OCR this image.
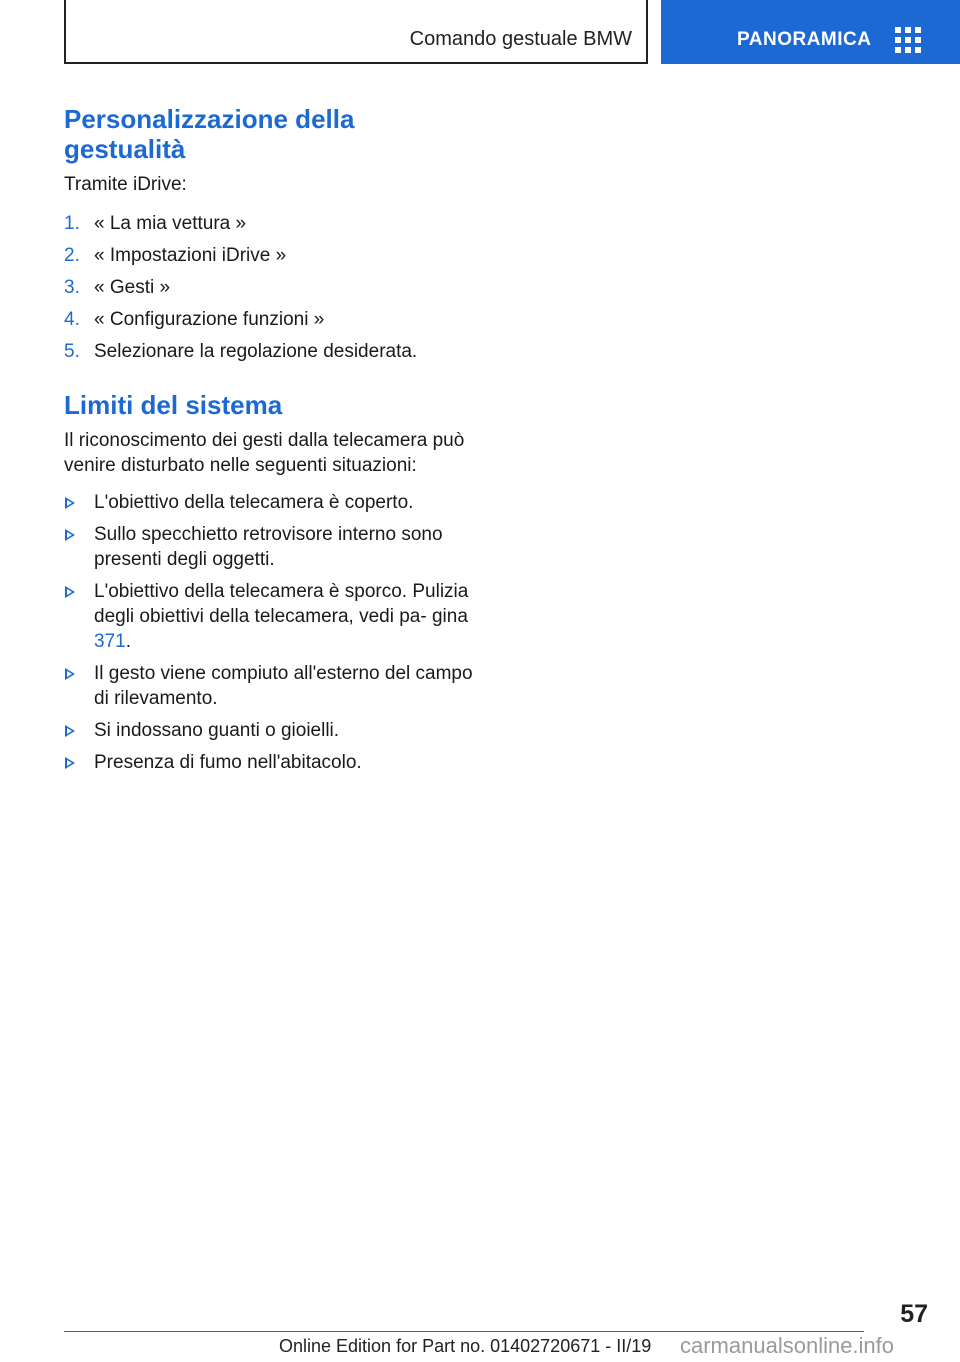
Comando gestuale BMW	PANORAMICA
Personalizzazione della
gestualità

Tramite iDrive:

1. « La mia vettura »
2. « Impostazioni iDrive »
3. « Gesti »
4. « Configurazione funzioni »
5. Selezionare la regolazione desiderata.
Limiti del sistema

Il riconoscimento dei gesti dalla telecamera può venire disturbato nelle seguenti situazioni:

L'obiettivo della telecamera è coperto.
Sullo specchietto retrovisore interno sono presenti degli oggetti.
L'obiettivo della telecamera è sporco. Pulizia degli obiettivi della telecamera, vedi pa‐ gina 371.
Il gesto viene compiuto all'esterno del campo di rilevamento.
Si indossano guanti o gioielli.
Presenza di fumo nell'abitacolo.
57
Online Edition for Part no. 01402720671 - II/19 carmanualsonline.info
